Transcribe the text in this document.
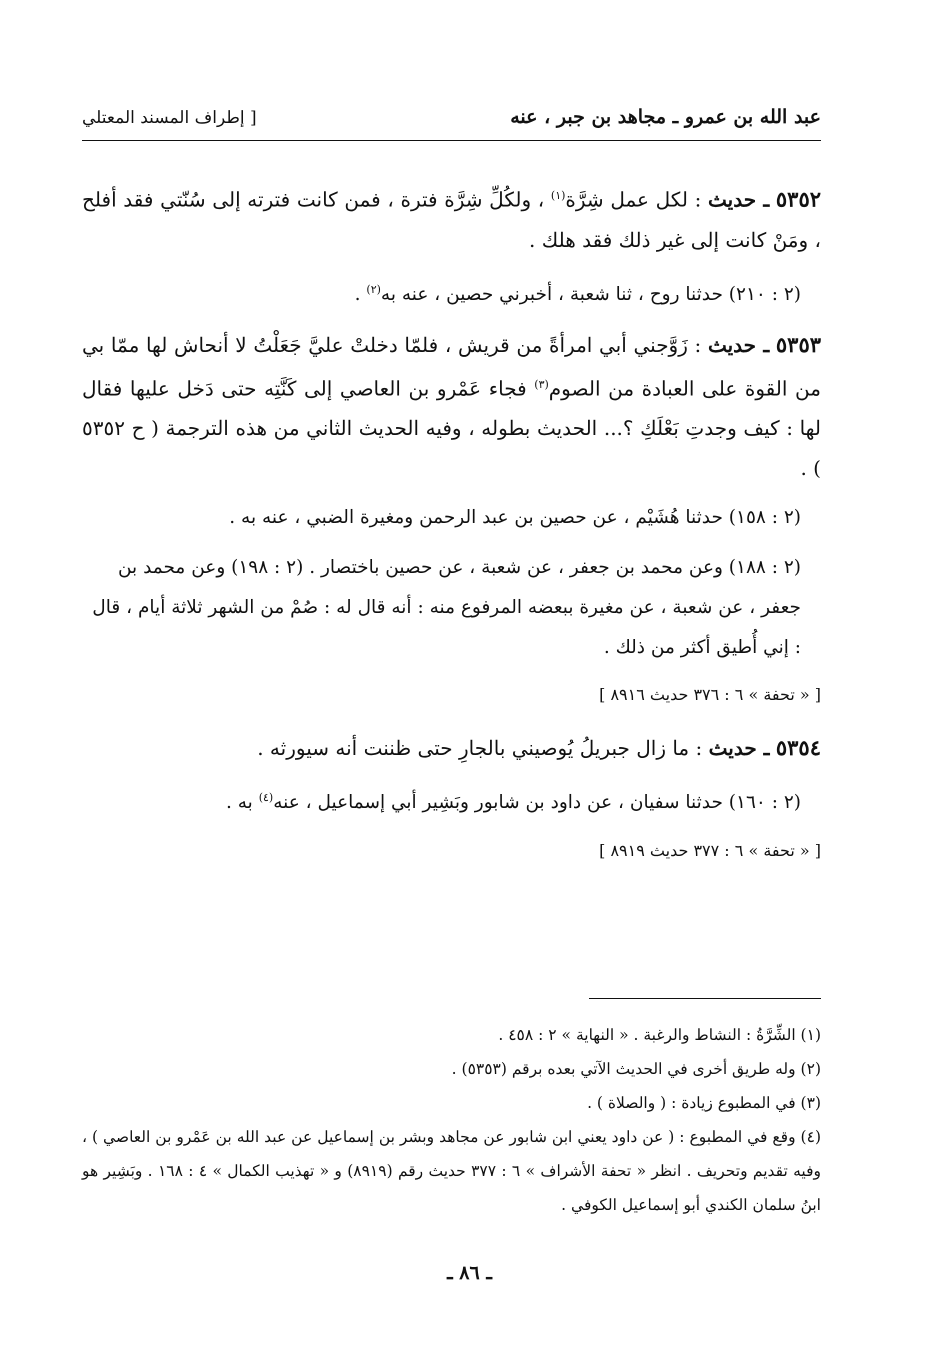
عبد الله بن عمرو ـ مجاهد بن جبر ، عنه
[ إطراف المسند المعتلي

٥٣٥٢ ـ حديث : لكل عمل شِرَّة$^{(١)}$ ، ولكُلِّ شِرَّة فترة ، فمن كانت فترته إلى سُنّتي فقد أفلح ، ومَنْ كانت إلى غير ذلك فقد هلك .

(٢ : ٢١٠) حدثنا روح ، ثنا شعبة ، أخبرني حصين ، عنه به$^{(٢)}$ .

٥٣٥٣ ـ حديث : زَوَّجني أبي امرأةً من قريش ، فلمّا دخلتْ عليَّ جَعَلْتُ لا أنحاش لها ممّا بي من القوة على العبادة من الصوم$^{(٣)}$ فجاء عَمْرو بن العاصي إلى كَنَّتِه حتى دَخل عليها فقال لها : كيف وجدتِ بَعْلَكِ ؟... الحديث بطوله ، وفيه الحديث الثاني من هذه الترجمة ( ح ٥٣٥٢ ) .

(٢ : ١٥٨) حدثنا هُشَيْم ، عن حصين بن عبد الرحمن ومغيرة الضبي ، عنه به .

(٢ : ١٨٨) وعن محمد بن جعفر ، عن شعبة ، عن حصين باختصار . (٢ : ١٩٨) وعن محمد بن جعفر ، عن شعبة ، عن مغيرة ببعضه المرفوع منه : أنه قال له : صُمْ من الشهر ثلاثة أيام ، قال : إني أُطيق أكثر من ذلك .

[ « تحفة » ٦ : ٣٧٦ حديث ٨٩١٦ ]

٥٣٥٤ ـ حديث : ما زال جبريلُ يُوصيني بالجارِ حتى ظننت أنه سيورثه .

(٢ : ١٦٠) حدثنا سفيان ، عن داود بن شابور وبَشِير أبي إسماعيل ، عنه$^{(٤)}$ به .

[ « تحفة » ٦ : ٣٧٧ حديث ٨٩١٩ ]

(١) الشِّرَّةُ : النشاط والرغبة . « النهاية » ٢ : ٤٥٨ .

(٢) وله طريق أخرى في الحديث الآتي بعده برقم (٥٣٥٣) .

(٣) في المطبوع زيادة : ( والصلاة ) .

(٤) وقع في المطبوع : ( عن داود يعني ابن شابور عن مجاهد وبشر بن إسماعيل عن عبد الله بن عَمْرو بن العاصي ) ، وفيه تقديم وتحريف . انظر « تحفة الأشراف » ٦ : ٣٧٧ حديث رقم (٨٩١٩) و « تهذيب الكمال » ٤ : ١٦٨ . وبَشِير هو ابنُ سلمان الكندي أبو إسماعيل الكوفي .

ـ ٨٦ ـ
